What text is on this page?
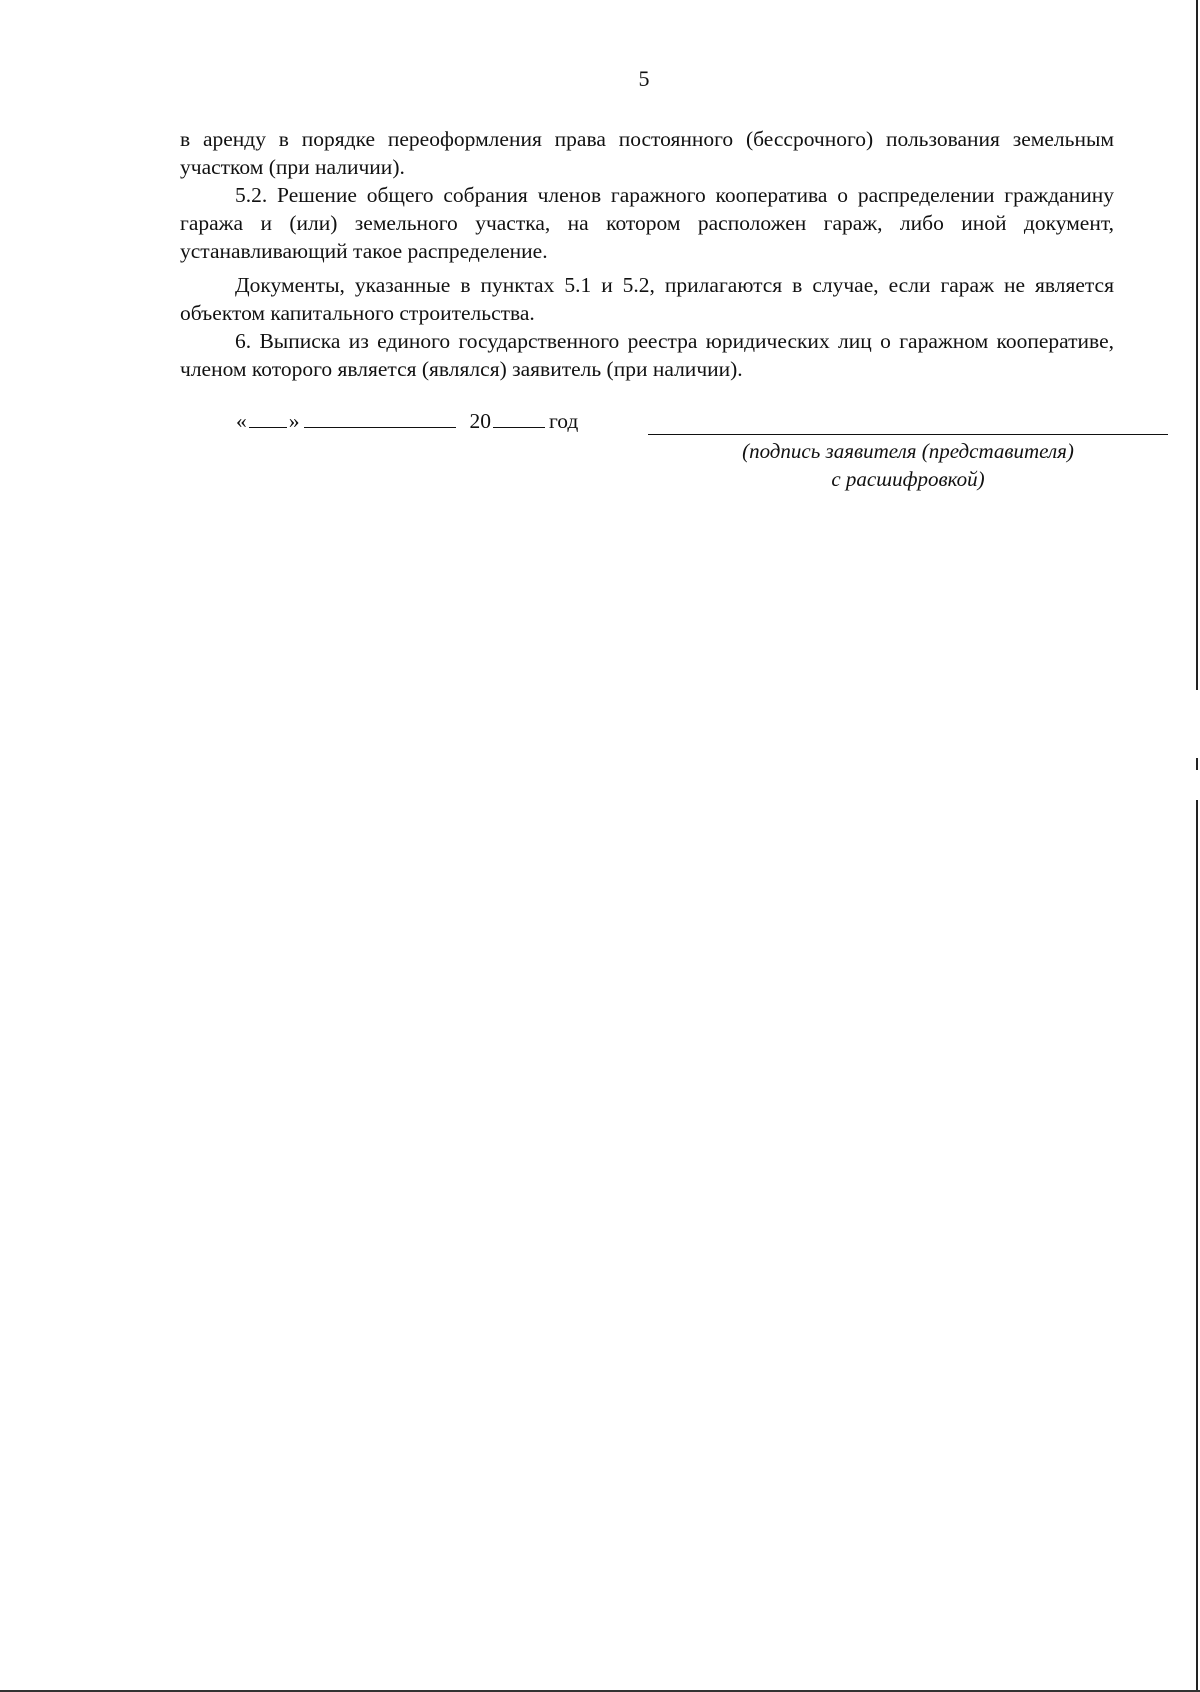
5

в аренду в порядке переоформления права постоянного (бессрочного) пользования земельным участком (при наличии).

5.2. Решение общего собрания членов гаражного кооператива о распределении гражданину гаража и (или) земельного участка, на котором расположен гараж, либо иной документ, устанавливающий такое распределение.

Документы, указанные в пунктах 5.1 и 5.2, прилагаются в случае, если гараж не является объектом капитального строительства.

6. Выписка из единого государственного реестра юридических лиц о гаражном кооперативе, членом которого является (являлся) заявитель (при наличии).

« »	20	год
(подпись заявителя (представителя)
с расшифровкой)
